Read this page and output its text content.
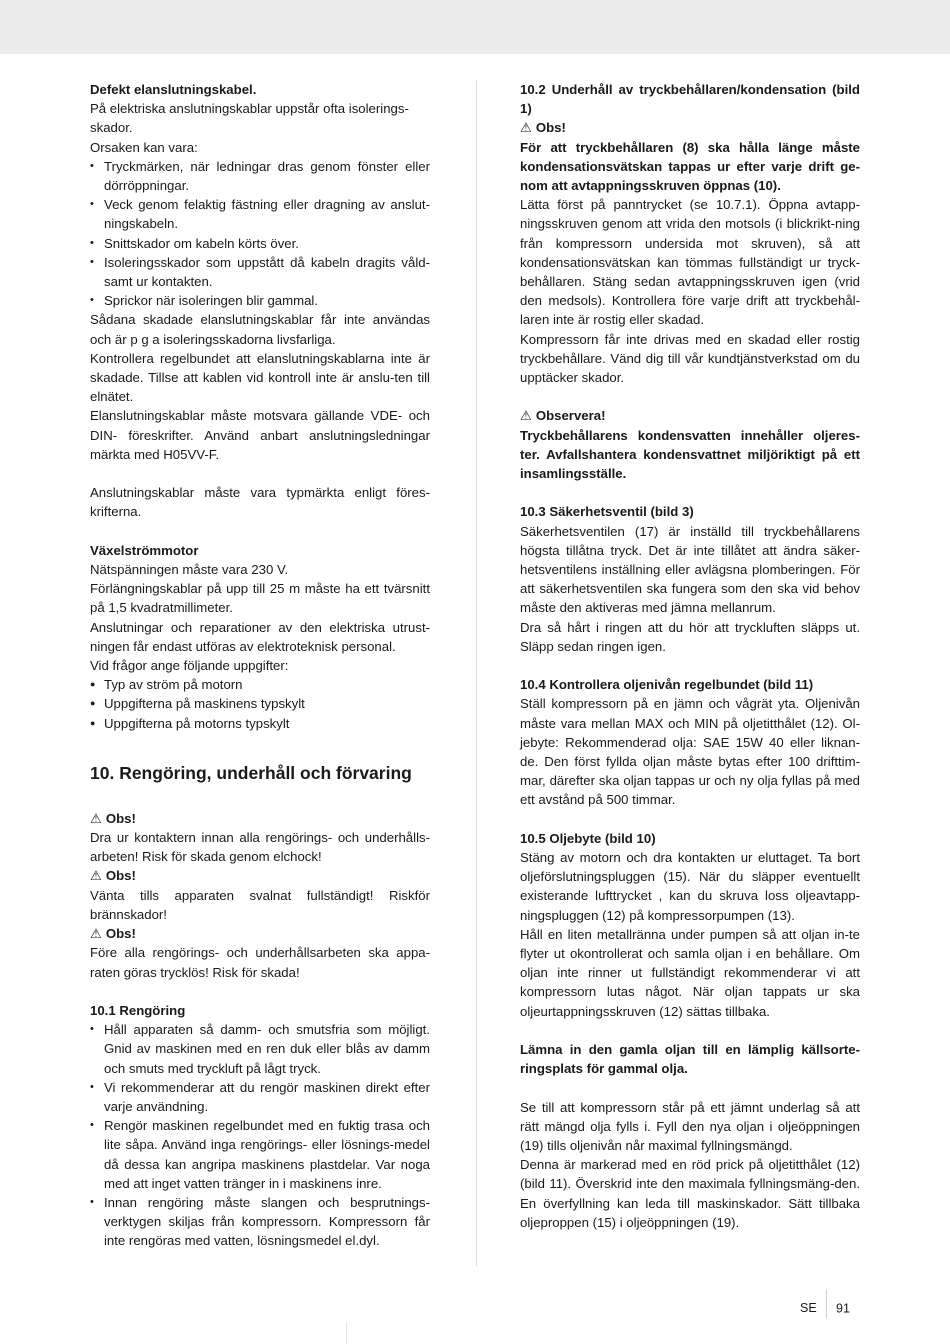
Defekt elanslutningskabel.

På elektriska anslutningskablar uppstår ofta isolerings-skador.

Orsaken kan vara:

• Tryckmärken, när ledningar dras genom fönster eller dörröppningar.
• Veck genom felaktig fästning eller dragning av anslut-ningskabeln.
• Snittskador om kabeln körts över.
• Isoleringsskador som uppstått då kabeln dragits våld-samt ur kontakten.
• Sprickor när isoleringen blir gammal.

Sådana skadade elanslutningskablar får inte användas och är p g a isoleringsskadorna livsfarliga.

Kontrollera regelbundet att elanslutningskablarna inte är skadade. Tillse att kablen vid kontroll inte är anslu-ten till elnätet.

Elanslutningskablar måste motsvara gällande VDE- och DIN- föreskrifter. Använd anbart anslutningsledningar märkta med H05VV-F.

Anslutningskablar måste vara typmärkta enligt föres-krifterna.

Växelströmmotor

Nätspänningen måste vara 230 V.

Förlängningskablar på upp till 25 m måste ha ett tvärsnitt på 1,5 kvadratmillimeter.

Anslutningar och reparationer av den elektriska utrust-ningen får endast utföras av elektroteknisk personal.

Vid frågor ange följande uppgifter:

● Typ av ström på motorn
● Uppgifterna på maskinens typskylt
● Uppgifterna på motorns typskylt
10. Rengöring, underhåll och förvaring

⚠ Obs!

Dra ur kontaktern innan alla rengörings- och underhålls-arbeten! Risk för skada genom elchock!

⚠ Obs!

Vänta tills apparaten svalnat fullständigt! Riskför brännskador!

⚠ Obs!

Före alla rengörings- och underhållsarbeten ska appa-raten göras trycklös! Risk för skada!

10.1 Rengöring

• Håll apparaten så damm- och smutsfria som möjligt. Gnid av maskinen med en ren duk eller blås av damm och smuts med tryckluft på lågt tryck.
• Vi rekommenderar att du rengör maskinen direkt efter varje användning.
• Rengör maskinen regelbundet med en fuktig trasa och lite såpa. Använd inga rengörings- eller lösnings-medel då dessa kan angripa maskinens plastdelar. Var noga med att inget vatten tränger in i maskinens inre.
• Innan rengöring måste slangen och besprutnings-verktygen skiljas från kompressorn. Kompressorn får inte rengöras med vatten, lösningsmedel el.dyl.

10.2 Underhåll av tryckbehållaren/kondensation (bild 1)

⚠ Obs!

För att tryckbehållaren (8) ska hålla länge måste kondensationsvätskan tappas ur efter varje drift ge-nom att avtappningsskruven öppnas (10).

Lätta först på panntrycket (se 10.7.1). Öppna avtapp-ningsskruven genom att vrida den motsols (i blickrikt-ning från kompressorn undersida mot skruven), så att kondensationsvätskan kan tömmas fullständigt ur tryck-behållaren. Stäng sedan avtappningsskruven igen (vrid den medsols). Kontrollera före varje drift att tryckbehål-laren inte är rostig eller skadad.

Kompressorn får inte drivas med en skadad eller rostig tryckbehållare. Vänd dig till vår kundtjänstverkstad om du upptäcker skador.

⚠ Observera!

Tryckbehållarens kondensvatten innehåller oljeres-ter. Avfallshantera kondensvattnet miljöriktigt på ett insamlingsställe.

10.3 Säkerhetsventil (bild 3)

Säkerhetsventilen (17) är inställd till tryckbehållarens högsta tillåtna tryck. Det är inte tillåtet att ändra säker-hetsventilens inställning eller avlägsna plomberingen. För att säkerhetsventilen ska fungera som den ska vid behov måste den aktiveras med jämna mellanrum.

Dra så hårt i ringen att du hör att tryckluften släpps ut. Släpp sedan ringen igen.

10.4 Kontrollera oljenivån regelbundet (bild 11)

Ställ kompressorn på en jämn och vågrät yta. Oljenivån måste vara mellan MAX och MIN på oljetitthålet (12). Ol-jebyte: Rekommenderad olja: SAE 15W 40 eller liknan-de. Den först fyllda oljan måste bytas efter 100 drifttim-mar, därefter ska oljan tappas ur och ny olja fyllas på med ett avstånd på 500 timmar.

10.5 Oljebyte (bild 10)

Stäng av motorn och dra kontakten ur eluttaget. Ta bort oljeförslutningspluggen (15). När du släpper eventuellt existerande lufttrycket , kan du skruva loss oljeavtapp-ningspluggen (12) på kompressorpumpen (13).

Håll en liten metallränna under pumpen så att oljan in-te flyter ut okontrollerat och samla oljan i en behållare. Om oljan inte rinner ut fullständigt rekommenderar vi att kompressorn lutas något. När oljan tappats ur ska oljeurtappningsskruven (12) sättas tillbaka.

Lämna in den gamla oljan till en lämplig källsorte-ringsplats för gammal olja.

Se till att kompressorn står på ett jämnt underlag så att rätt mängd olja fylls i. Fyll den nya oljan i oljeöppningen (19) tills oljenivån når maximal fyllningsmängd.

Denna är markerad med en röd prick på oljetitthålet (12) (bild 11). Överskrid inte den maximala fyllningsmäng-den. En överfyllning kan leda till maskinskador. Sätt tillbaka oljeproppen (15) i oljeöppningen (19).

SE 91
